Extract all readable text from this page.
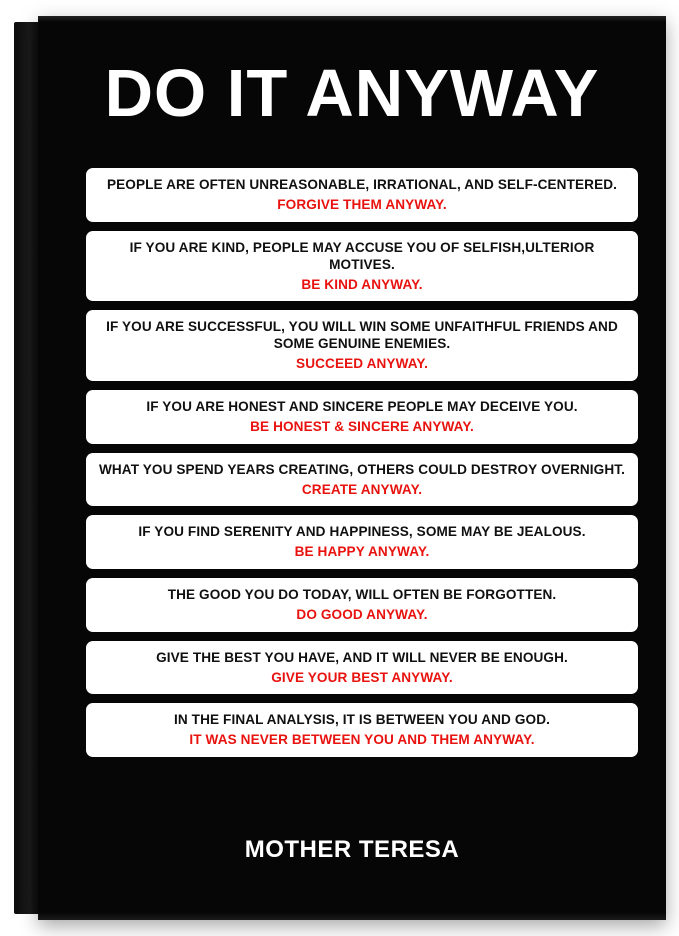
DO IT ANYWAY
PEOPLE ARE OFTEN UNREASONABLE, IRRATIONAL, AND SELF-CENTERED.
FORGIVE THEM ANYWAY.
IF YOU ARE KIND, PEOPLE MAY ACCUSE YOU OF SELFISH,ULTERIOR MOTIVES.
BE KIND ANYWAY.
IF YOU ARE SUCCESSFUL, YOU WILL WIN SOME UNFAITHFUL FRIENDS AND SOME GENUINE ENEMIES.
SUCCEED ANYWAY.
IF YOU ARE HONEST AND SINCERE PEOPLE MAY DECEIVE YOU.
BE HONEST & SINCERE ANYWAY.
WHAT YOU SPEND YEARS CREATING, OTHERS COULD DESTROY OVERNIGHT.
CREATE ANYWAY.
IF YOU FIND SERENITY AND HAPPINESS, SOME MAY BE JEALOUS.
BE HAPPY ANYWAY.
THE GOOD YOU DO TODAY, WILL OFTEN BE FORGOTTEN.
DO GOOD ANYWAY.
GIVE THE BEST YOU HAVE, AND IT WILL NEVER BE ENOUGH.
GIVE YOUR BEST ANYWAY.
IN THE FINAL ANALYSIS, IT IS BETWEEN YOU AND GOD.
IT WAS NEVER BETWEEN YOU AND THEM ANYWAY.
MOTHER TERESA
